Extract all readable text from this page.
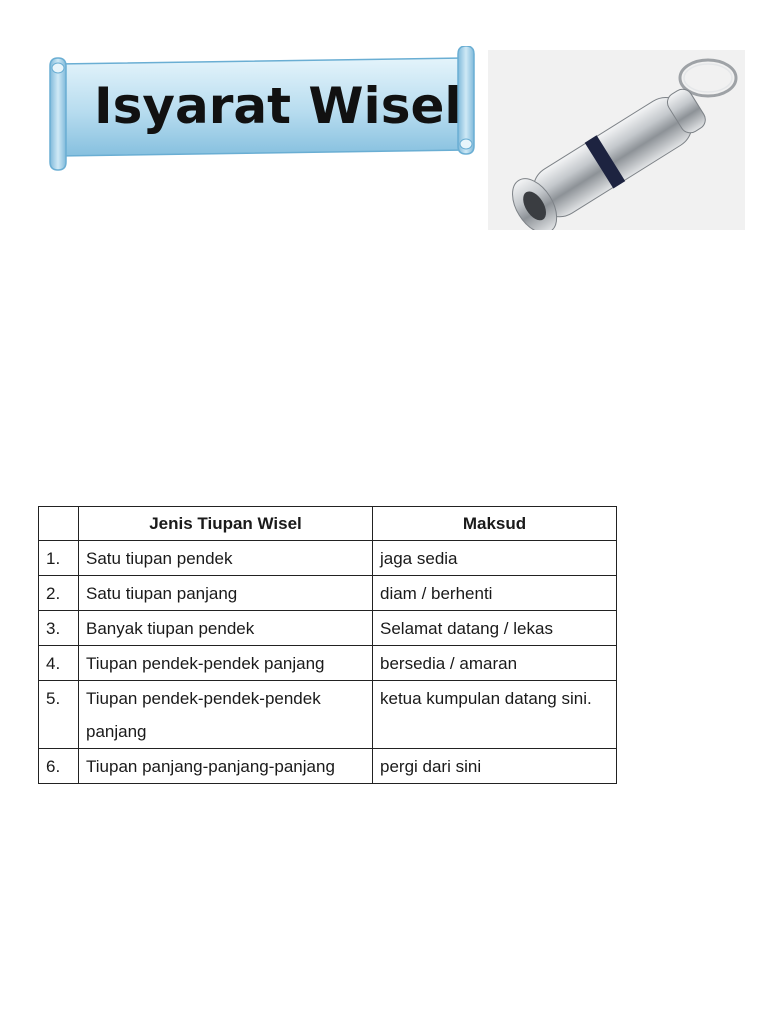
Isyarat Wisel
	Jenis Tiupan Wisel	Maksud
1.	Satu tiupan pendek	jaga sedia
2.	Satu tiupan panjang	diam / berhenti
3.	Banyak tiupan pendek	Selamat datang / lekas
4.	Tiupan pendek-pendek panjang	bersedia / amaran
5.	Tiupan pendek-pendek-pendek panjang	ketua kumpulan datang sini.
6.	Tiupan panjang-panjang-panjang	pergi dari sini
